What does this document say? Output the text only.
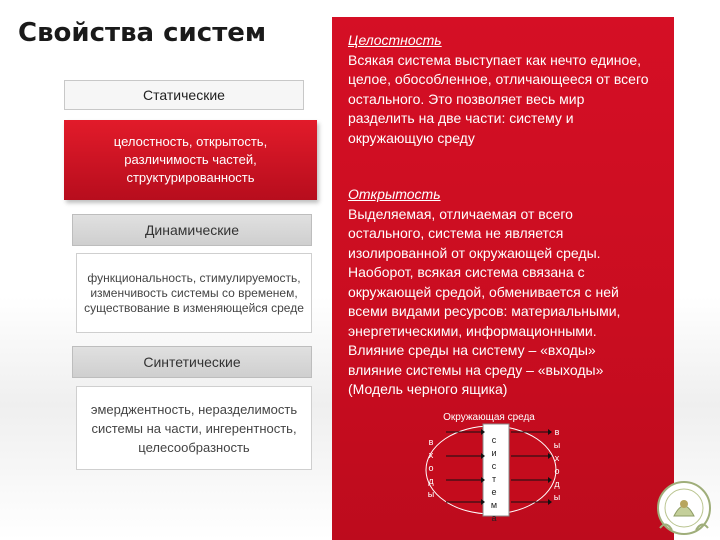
Свойства систем
Статические
целостность, открытость, различимость частей, структурированность
Динамические
функциональность, стимулируемость, изменчивость системы со временем, существование в изменяющейся среде
Синтетические
эмерджентность, неразделимость системы на части, ингерентность, целесообразность
Целостность
Всякая система выступает как нечто единое, целое, обособленное, отличающееся от всего остального. Это позволяет весь мир разделить на две части: систему и окружающую среду
Открытость
Выделяемая, отличаемая от всего остального, система не является изолированной от окружающей среды. Наоборот, всякая система связана с окружающей средой, обменивается с ней всеми видами ресурсов: материальными, энергетическими, информационными. Влияние среды на систему – «входы» влияние системы на среду – «выходы» (Модель черного ящика)
Окружающая среда
в
х
о
д
ы
с
и
с
т
е
м
а
в
ы
х
о
д
ы
